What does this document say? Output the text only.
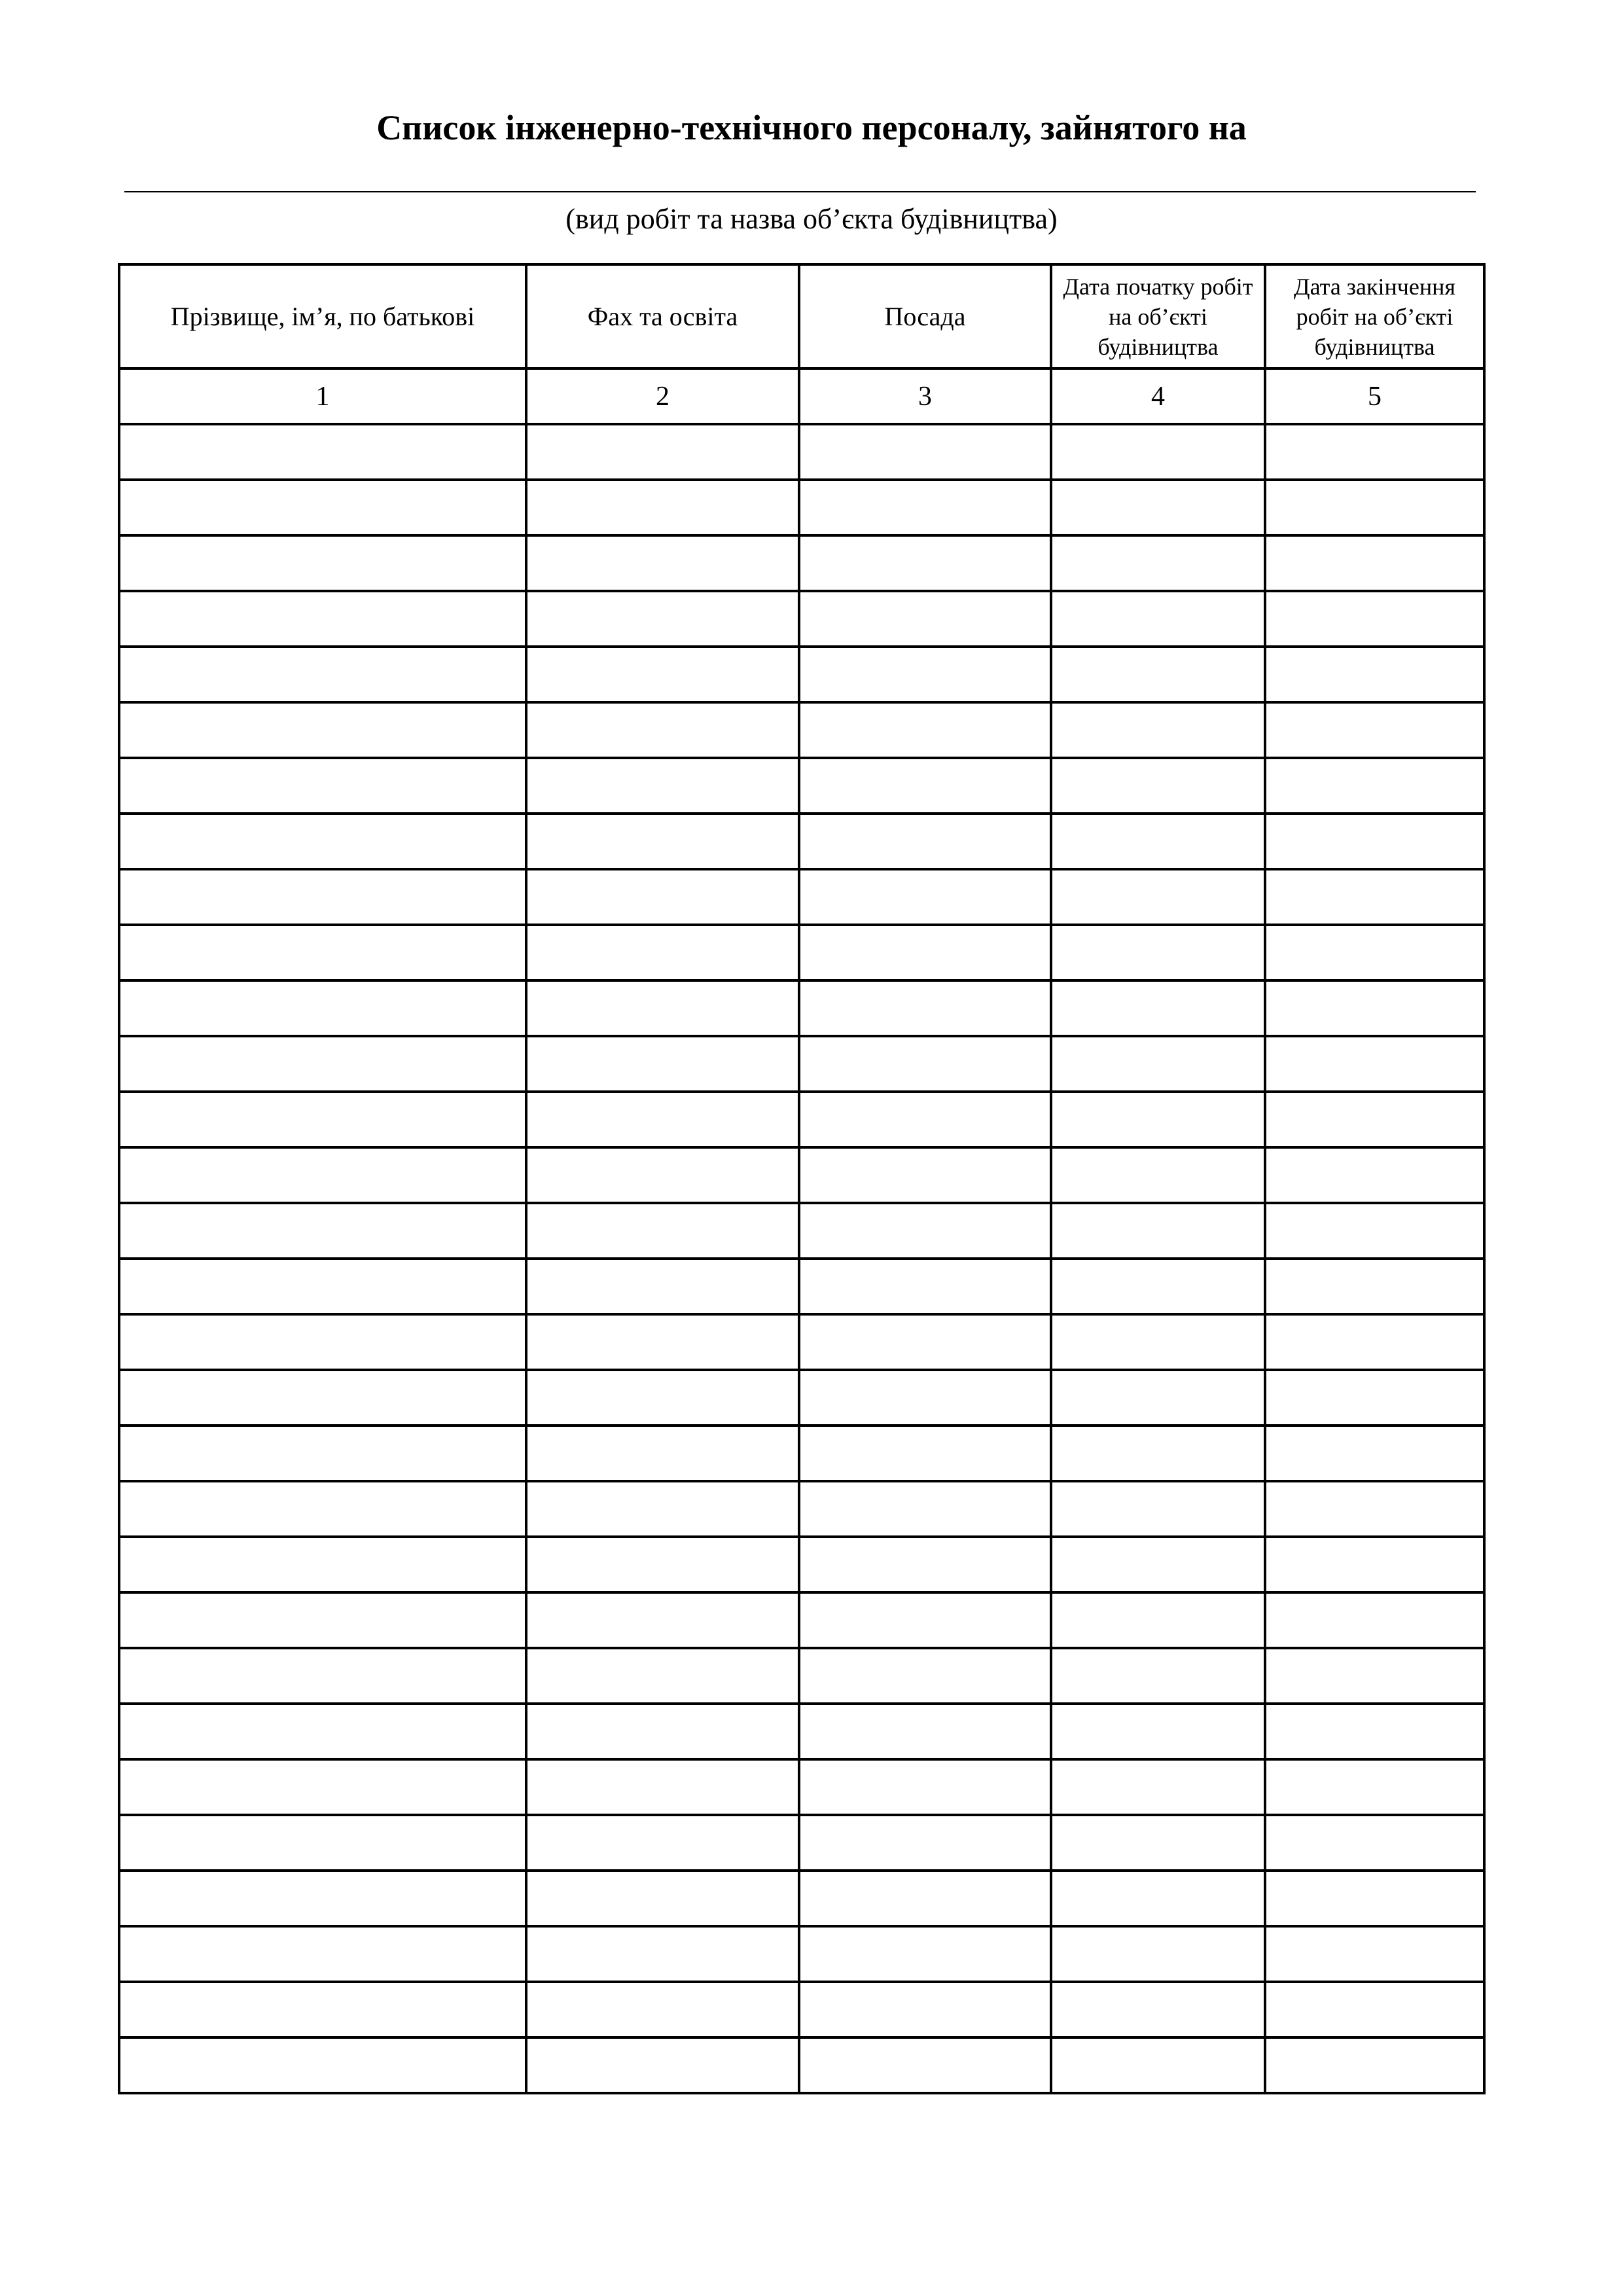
Список інженерно-технічного персоналу, зайнятого на
(вид робіт та назва об’єкта будівництва)
Прізвище, ім’я, по батькові	Фах та освіта	Посада	Дата початку робіт на об’єкті будівництва	Дата закінчення робіт на об’єкті будівництва
1	2	3	4	5
